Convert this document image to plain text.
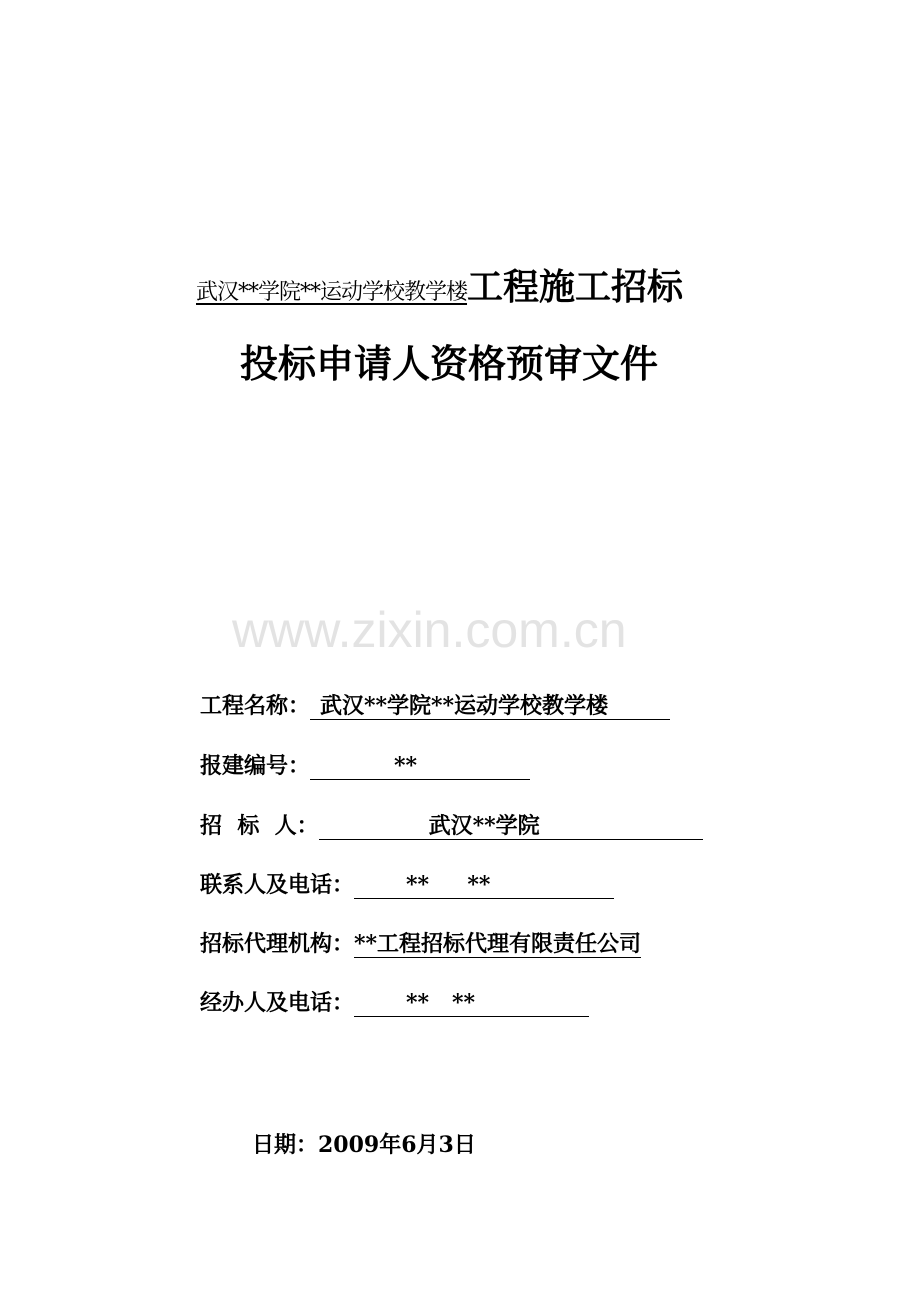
武汉**学院**运动学校教学楼工程施工招标
投标申请人资格预审文件
www.zixin.com.cn
工程名称： 武汉**学院**运动学校教学楼
报建编号：	**
招  标  人：	武汉**学院
联系人及电话：	**     **
招标代理机构： **工程招标代理有限责任公司
经办人及电话：	**   **
日期：2009年6月3日
